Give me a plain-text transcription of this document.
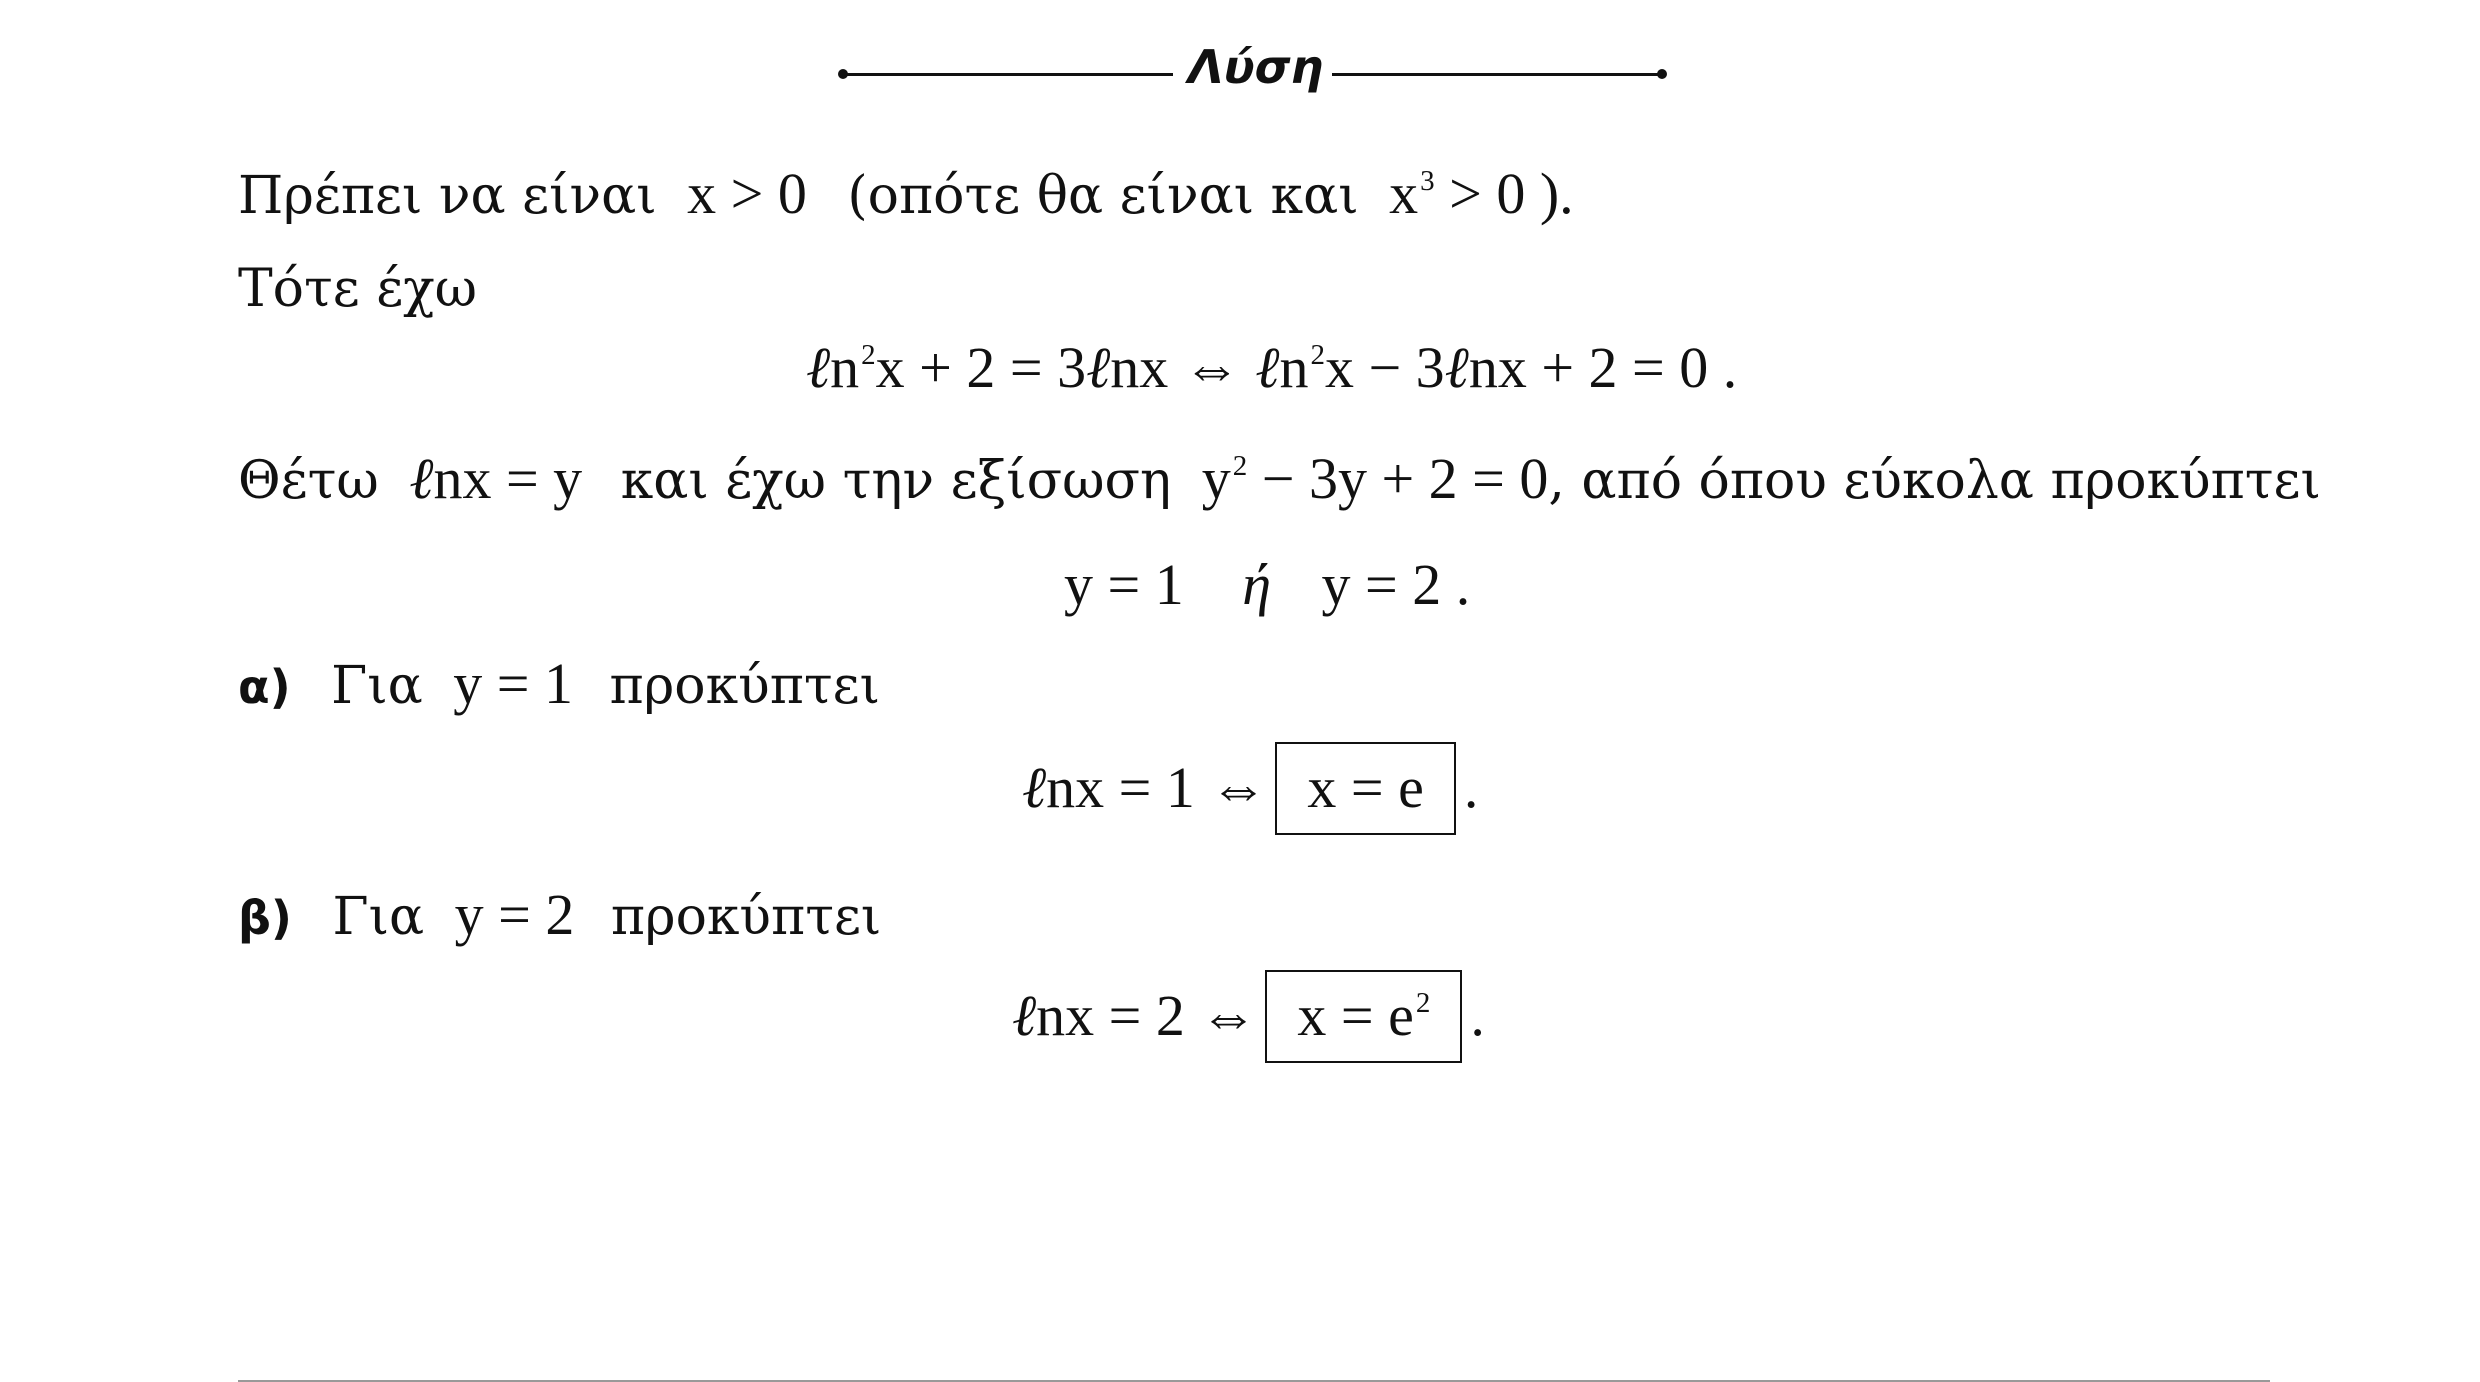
Λύση
Πρέπει να είναι x > 0 (οπότε θα είναι και $x^3 > 0$ ).
Τότε έχω
ℓn$^2$x + 2 = 3ℓnx ⇔ ℓn$^2$x − 3ℓnx + 2 = 0 .
Θέτω ℓnx = y και έχω την εξίσωση $y^2 - 3y + 2 = 0$, από όπου εύκολα προκύπτει
y = 1 ή y = 2 .
α) Για y = 1 προκύπτει
ℓnx = 1 ⇔ x = e .
β) Για y = 2 προκύπτει
ℓnx = 2 ⇔ $x = e^2$ .
